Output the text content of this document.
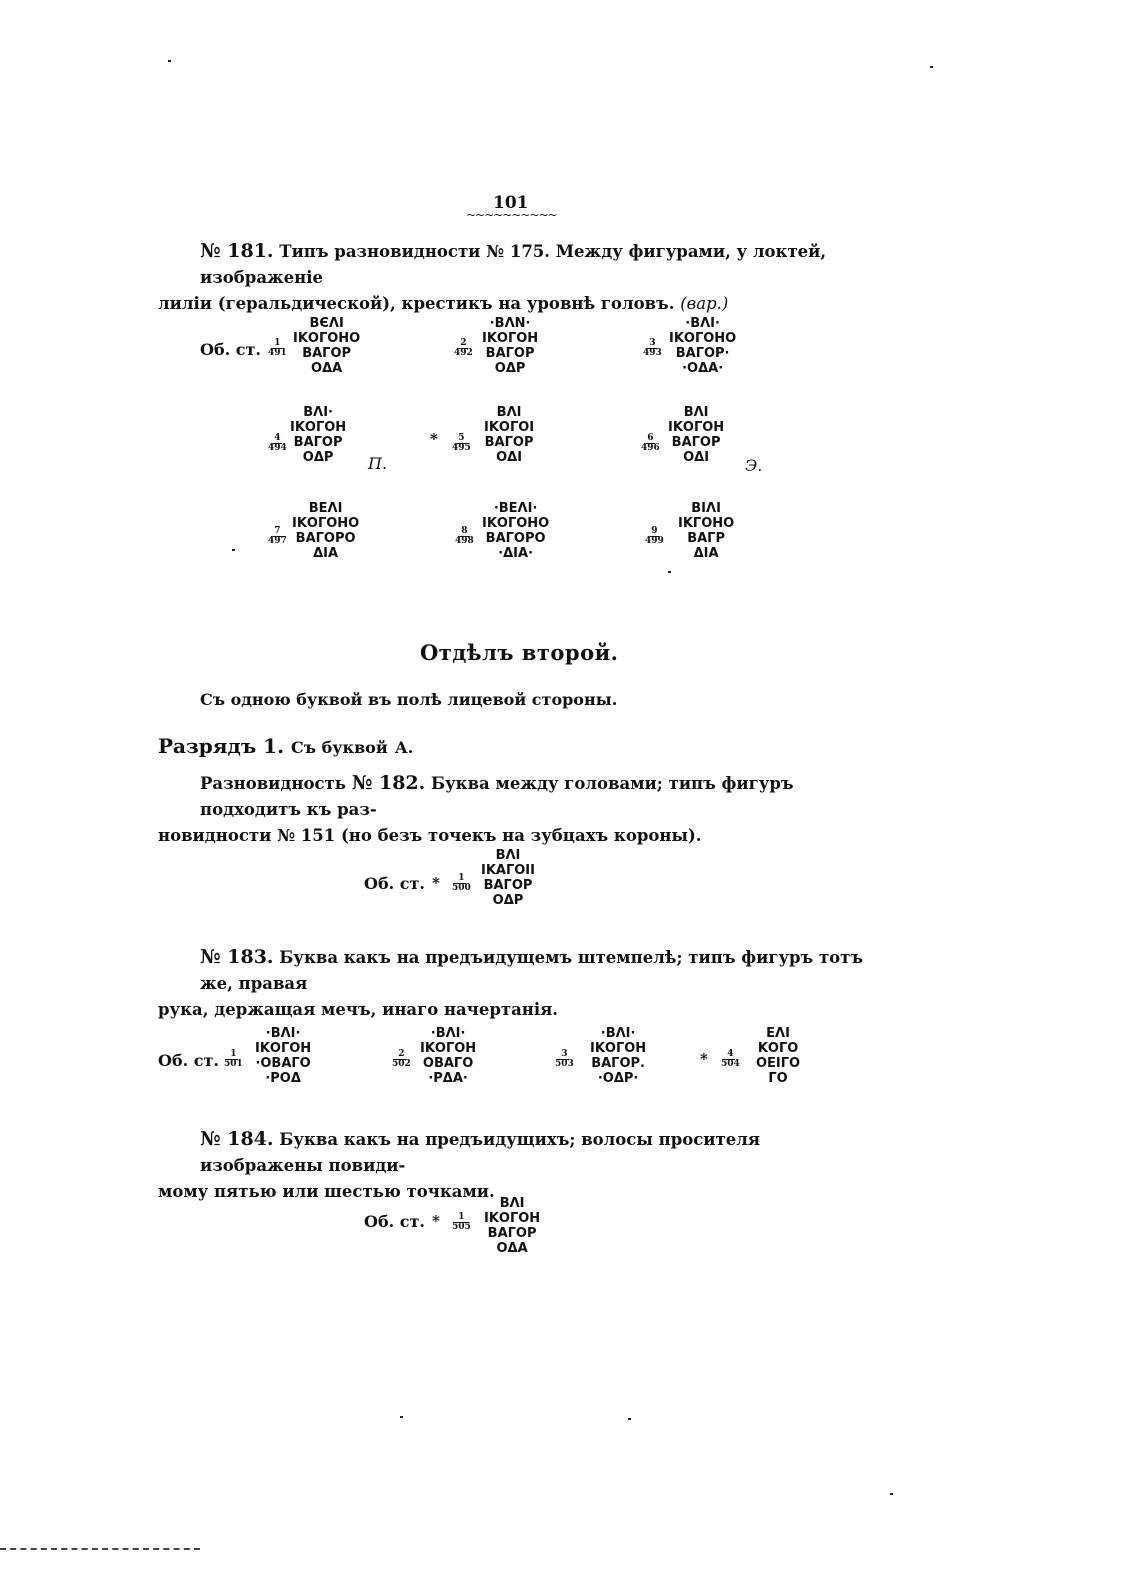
101
~~~~~~~~~~
№ 181. Типъ разновидности № 175. Между фигурами, у локтей, изображеніе
лиліи (геральдической), крестикъ на уровнѣ головъ. (вар.)
Об. ст. $\frac{1}{491}$
ВЄΛΙ
ΙΚΟΓΟΗΟ
ΒΑΓΟΡ
ΟΔΑ
$\frac{2}{492}$
·ΒΛΝ·
ΙΚΟΓΟΗ
ΒΑΓΟΡ
ΟΔΡ
$\frac{3}{493}$
·ΒΛΙ·
ΙΚΟΓΟΗΟ
ΒΑΓΟΡ·
·ΟΔΑ·
$\frac{4}{494}$
ΒΛΙ·
ΙΚΟΓΟΗ
ΒΑΓΟΡ
ΟΔΡ	П.
* $\frac{5}{495}$
ΒΛΙ
ΙΚΟΓΟΙ
ΒΑΓΟΡ
ΟΔΙ
$\frac{6}{496}$
ΒΛΙ
ΙΚΟΓΟΗ
ΒΑΓΟΡ
ΟΔΙ	Э.
$\frac{7}{497}$
ΒΕΛΙ
ΙΚΟΓΟΗΟ
ΒΑΓΟΡΟ
ΔΙΑ
$\frac{8}{498}$
·ΒΕΛΙ·
ΙΚΟΓΟΗΟ
ΒΑΓΟΡΟ
·ΔΙΑ·
$\frac{9}{499}$
ΒΙΛΙ
ΙΚΓΟΗΟ
ΒΑΓΡ
ΔΙΑ
Отдѣлъ второй.
Съ одною буквой въ полѣ лицевой стороны.
Разрядъ 1. Съ буквой А.
Разновидность № 182. Буква между головами; типъ фигуръ подходитъ къ раз-
новидности № 151 (но безъ точекъ на зубцахъ короны).
Об. ст. * $\frac{1}{500}$
ΒΛΙ
ΙΚΑΓΟΙΙ
ΒΑΓΟΡ
ΟΔΡ
№ 183. Буква какъ на предъидущемъ штемпелѣ; типъ фигуръ тотъ же, правая
рука, держащая мечъ, инаго начертанія.
Об. ст. $\frac{1}{501}$
·ΒΛΙ·
ΙΚΟΓΟΗ
·ΟΒΑΓΟ
·ΡΟΔ
$\frac{2}{502}$
·ΒΛΙ·
ΙΚΟΓΟΗ
ΟΒΑΓΟ
·ΡΔΑ·
$\frac{3}{503}$
·ΒΛΙ·
ΙΚΟΓΟΗ
ΒΑΓΟΡ.
·ΟΔΡ·
* $\frac{4}{504}$
ΕΛΙ
ΚΟΓΟ
ΟΕΙΓΟ
ΓΟ
№ 184. Буква какъ на предъидущихъ; волосы просителя изображены повиди-
мому пятью или шестью точками.
Об. ст. * $\frac{1}{505}$
ΒΛΙ
ΙΚΟΓΟΗ
ΒΑΓΟΡ
ΟΔΑ
